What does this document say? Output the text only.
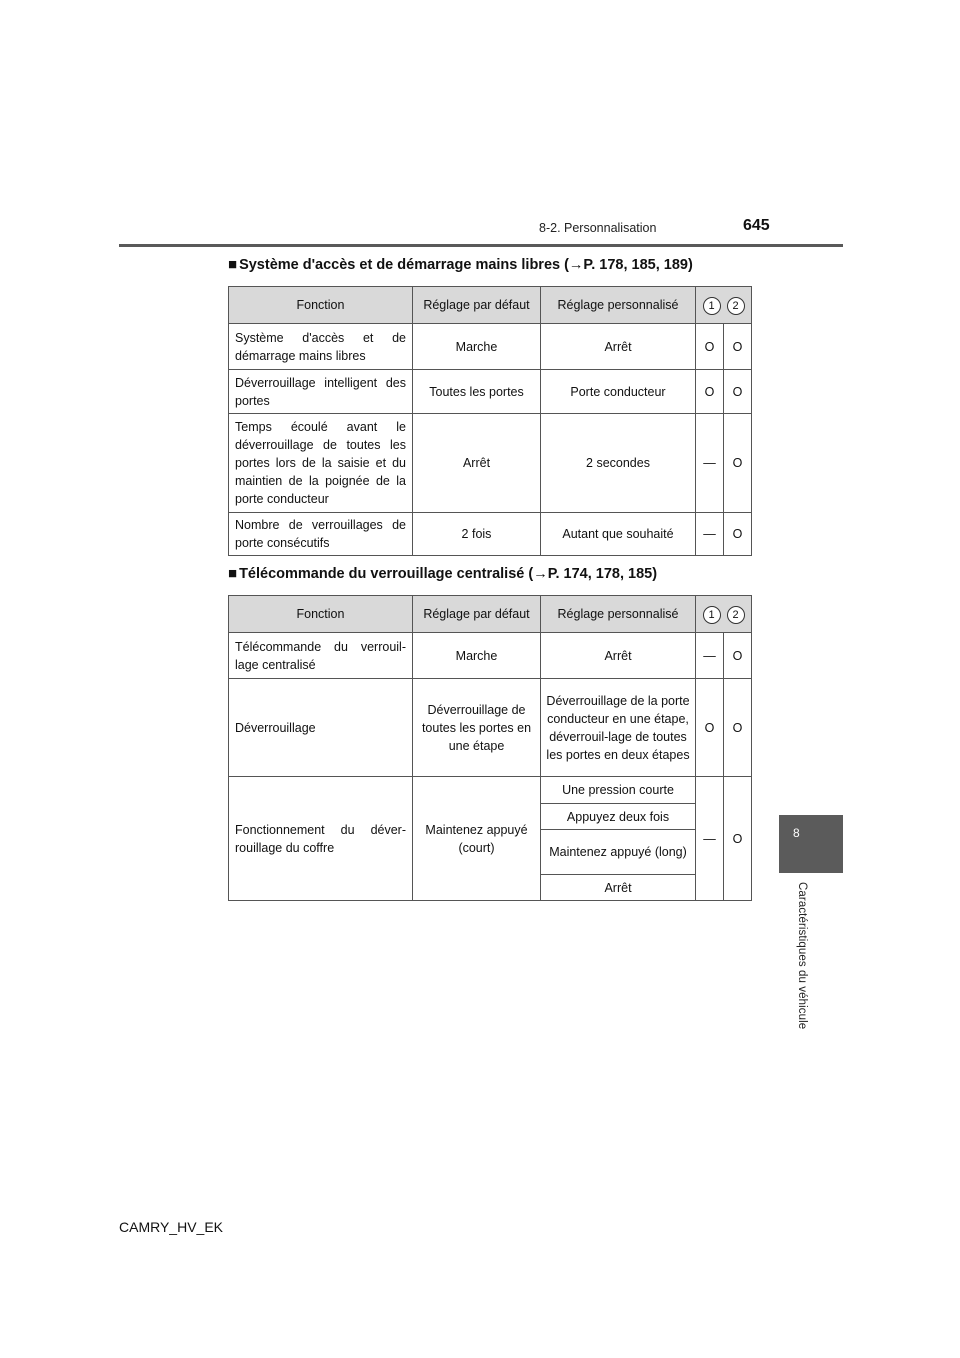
8-2. Personnalisation	645
8
Caractéristiques du véhicule
■ Système d'accès et de démarrage mains libres (→P. 178, 185, 189)
Fonction	Réglage par défaut	Réglage personnalisé	1 2	
Système d'accès et de démarrage mains libres	Marche	Arrêt	O	O
Déverrouillage intelligent des portes	Toutes les portes	Porte conducteur	O	O
Temps écoulé avant le déverrouillage de toutes les portes lors de la saisie et du maintien de la poignée de la porte conducteur	Arrêt	2 secondes	—	O
Nombre de verrouillages de porte consécutifs	2 fois	Autant que souhaité	—	O
■ Télécommande du verrouillage centralisé (→P. 174, 178, 185)
Fonction	Réglage par défaut	Réglage personnalisé	1 2	
Télécommande du verrouil-lage centralisé	Marche	Arrêt	—	O
Déverrouillage	Déverrouillage de toutes les portes en une étape	Déverrouillage de la porte conducteur en une étape, déverrouil-lage de toutes les portes en deux étapes	O	O
Fonctionnement du déver-rouillage du coffre	Maintenez appuyé (court)	Une pression courte	—	O
		Appuyez deux fois		
		Maintenez appuyé (long)		
		Arrêt		
CAMRY_HV_EK
